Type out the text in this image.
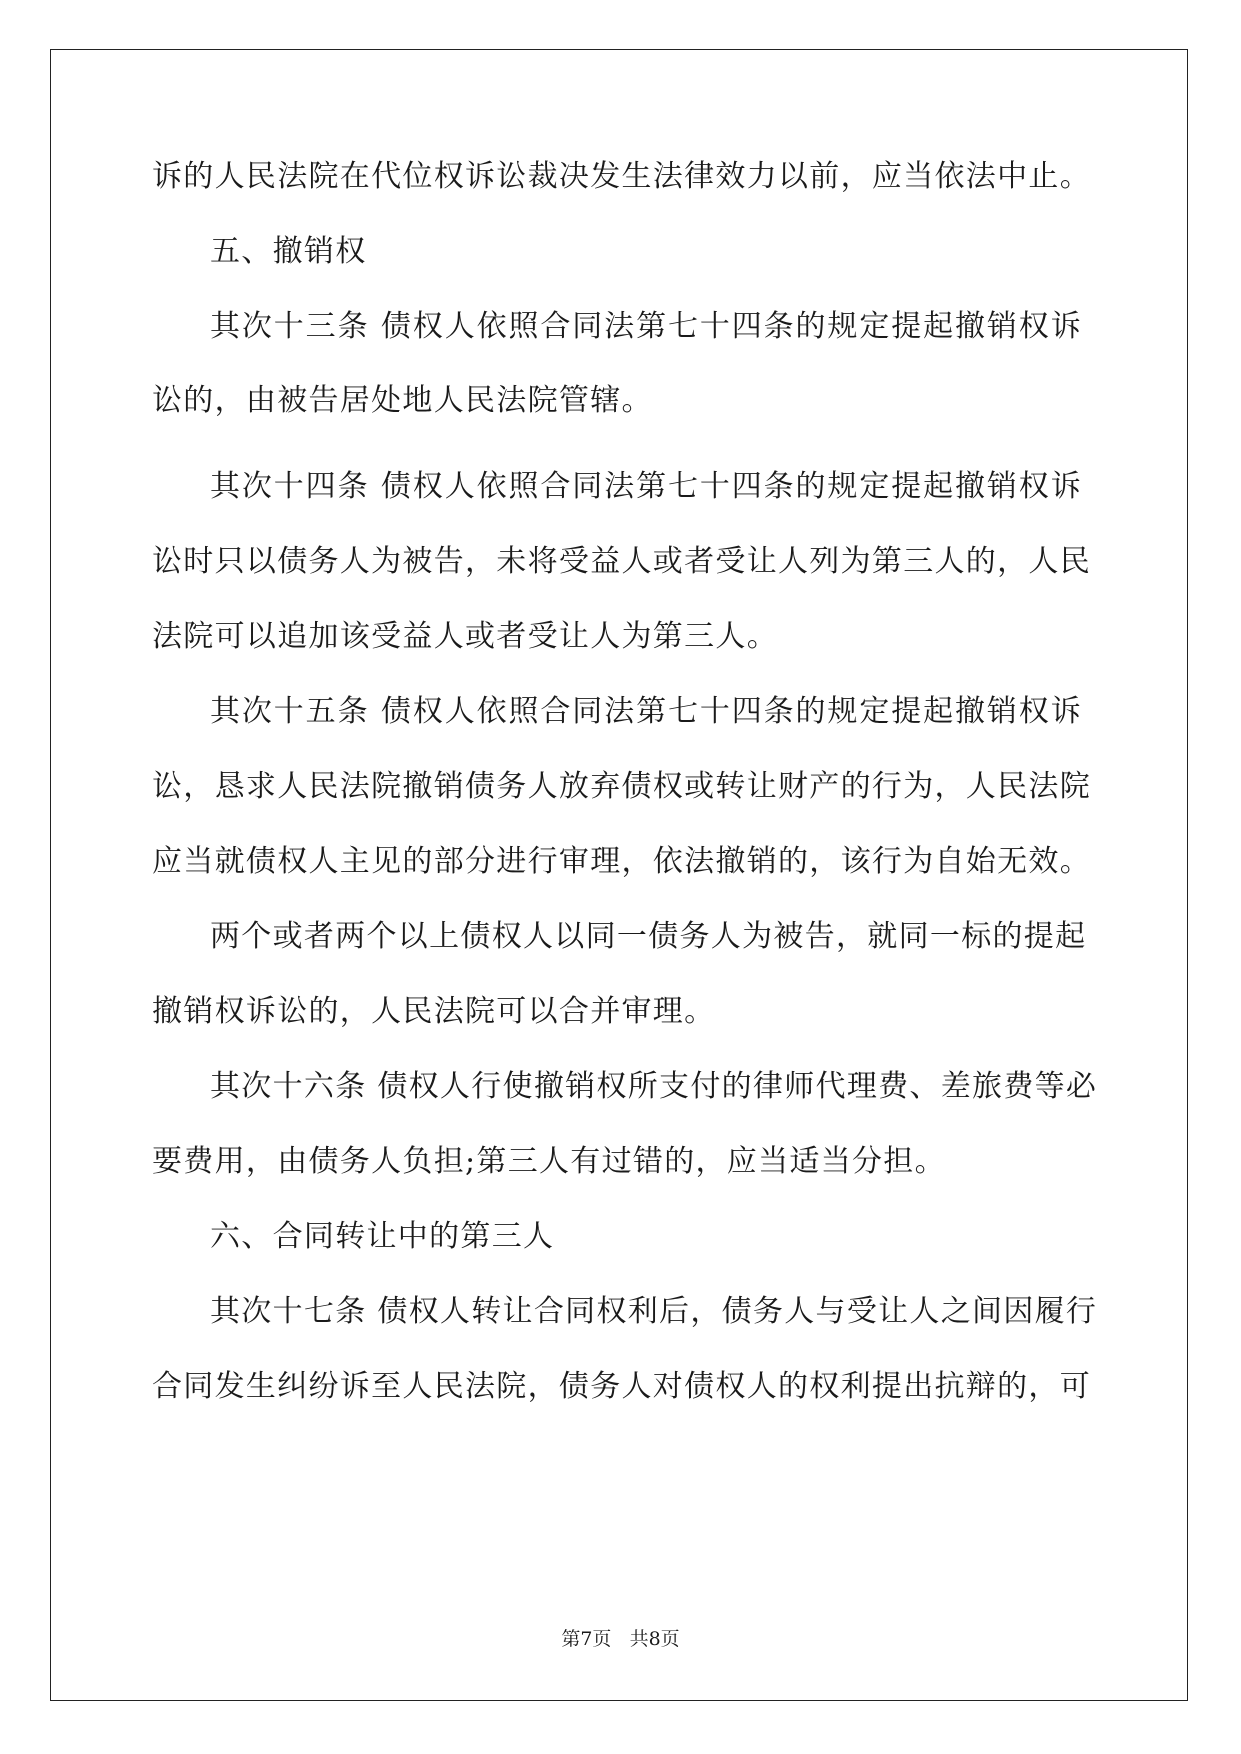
诉的人民法院在代位权诉讼裁决发生法律效力以前，应当依法中止。
五、撤销权
其次十三条 债权人依照合同法第七十四条的规定提起撤销权诉
讼的，由被告居处地人民法院管辖。
其次十四条 债权人依照合同法第七十四条的规定提起撤销权诉
讼时只以债务人为被告，未将受益人或者受让人列为第三人的，人民
法院可以追加该受益人或者受让人为第三人。
其次十五条 债权人依照合同法第七十四条的规定提起撤销权诉
讼，恳求人民法院撤销债务人放弃债权或转让财产的行为，人民法院
应当就债权人主见的部分进行审理，依法撤销的，该行为自始无效。
两个或者两个以上债权人以同一债务人为被告，就同一标的提起
撤销权诉讼的，人民法院可以合并审理。
其次十六条 债权人行使撤销权所支付的律师代理费、差旅费等必
要费用，由债务人负担;第三人有过错的，应当适当分担。
六、合同转让中的第三人
其次十七条 债权人转让合同权利后，债务人与受让人之间因履行
合同发生纠纷诉至人民法院，债务人对债权人的权利提出抗辩的，可
第7页 共8页
